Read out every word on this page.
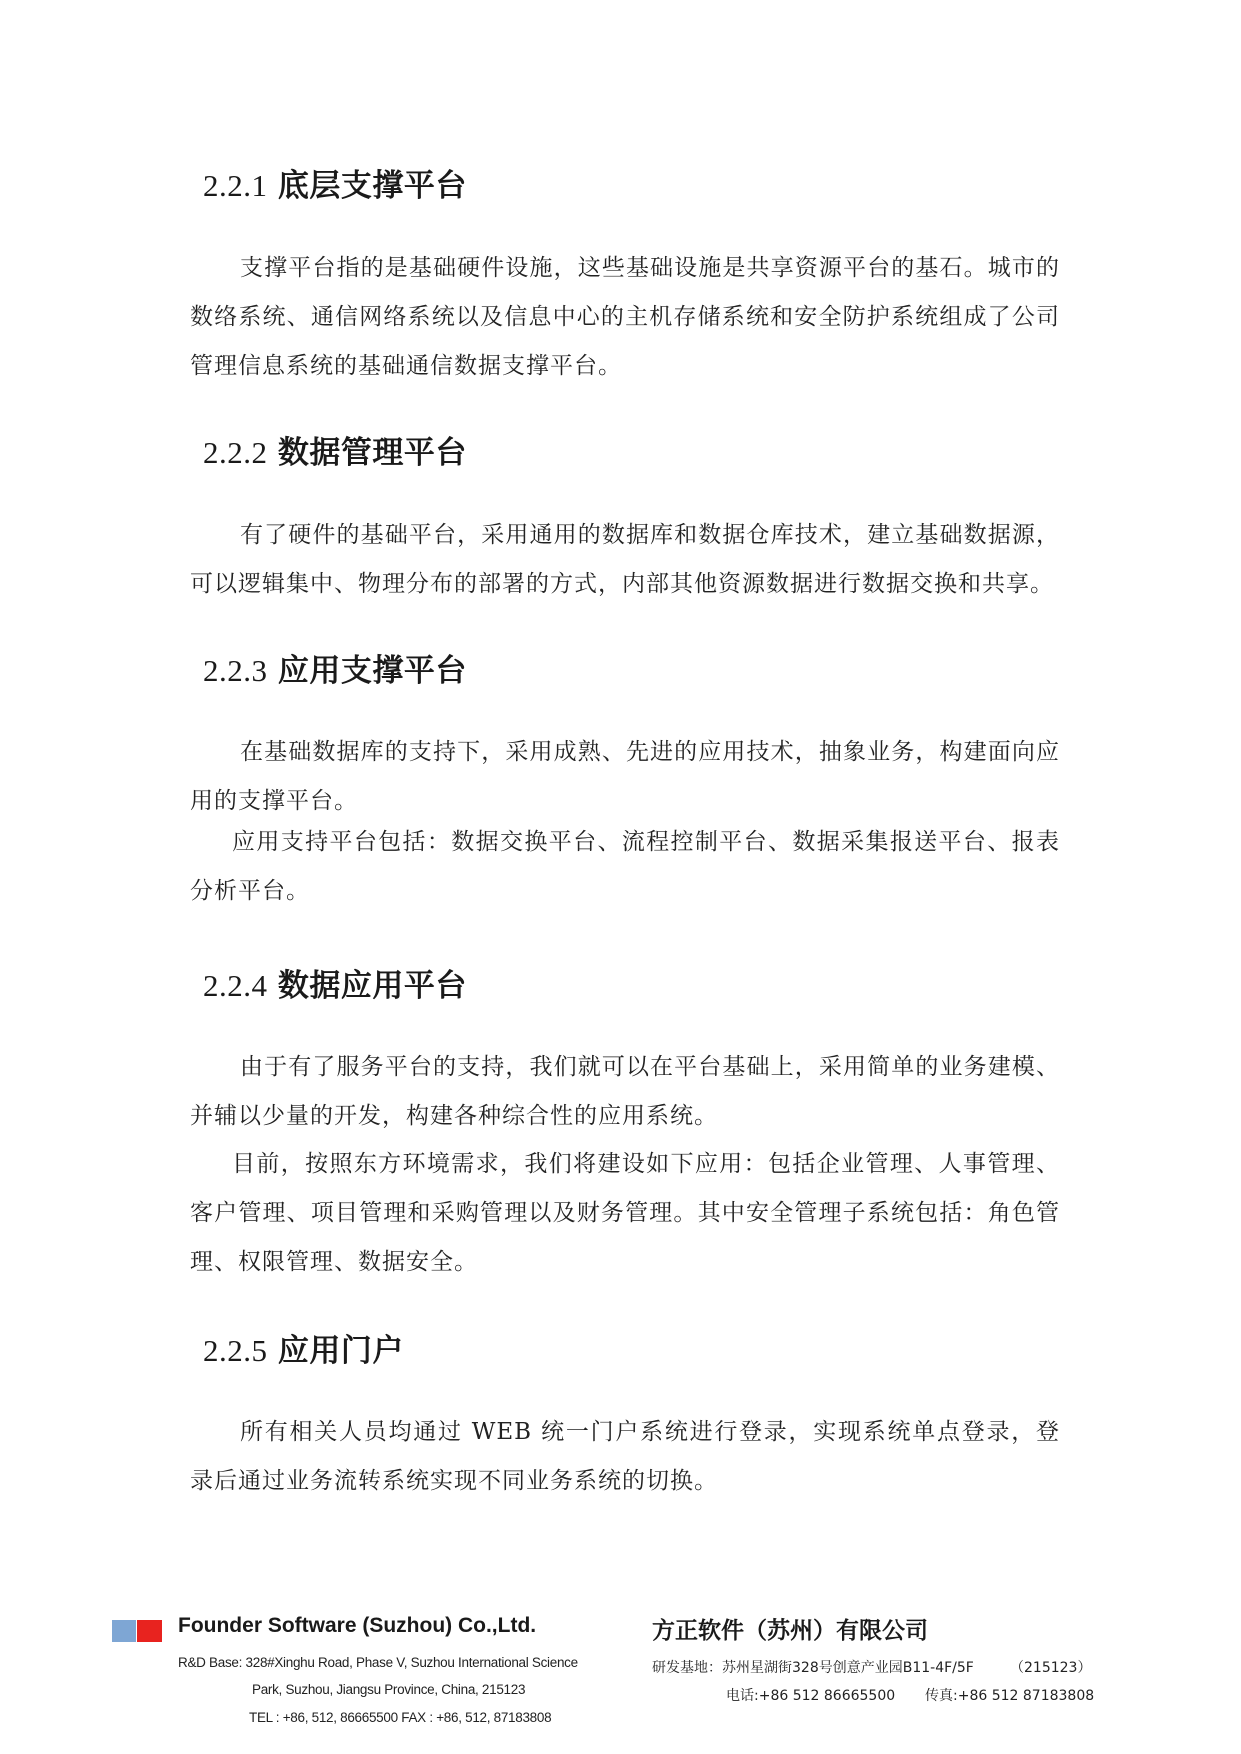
2.2.1 底层支撑平台

支撑平台指的是基础硬件设施，这些基础设施是共享资源平台的基石。城市的数络系统、通信网络系统以及信息中心的主机存储系统和安全防护系统组成了公司管理信息系统的基础通信数据支撑平台。

2.2.2 数据管理平台

有了硬件的基础平台，采用通用的数据库和数据仓库技术，建立基础数据源，可以逻辑集中、物理分布的部署的方式，内部其他资源数据进行数据交换和共享。

2.2.3 应用支撑平台

在基础数据库的支持下，采用成熟、先进的应用技术，抽象业务，构建面向应用的支撑平台。

应用支持平台包括：数据交换平台、流程控制平台、数据采集报送平台、报表分析平台。

2.2.4 数据应用平台

由于有了服务平台的支持，我们就可以在平台基础上，采用简单的业务建模、并辅以少量的开发，构建各种综合性的应用系统。

目前，按照东方环境需求，我们将建设如下应用：包括企业管理、人事管理、客户管理、项目管理和采购管理以及财务管理。其中安全管理子系统包括：角色管理、权限管理、数据安全。

2.2.5 应用门户

所有相关人员均通过 WEB 统一门户系统进行登录，实现系统单点登录，登录后通过业务流转系统实现不同业务系统的切换。

Founder Software (Suzhou) Co.,Ltd.
R&D Base: 328#Xinghu Road, Phase V, Suzhou International Science
Park, Suzhou, Jiangsu Province, China, 215123
TEL : +86, 512, 86665500 FAX : +86, 512, 87183808
方正软件（苏州）有限公司
研发基地：苏州星湖街328号创意产业园B11-4F/5F	（215123）
电话:+86 512 86665500 传真:+86 512 87183808
